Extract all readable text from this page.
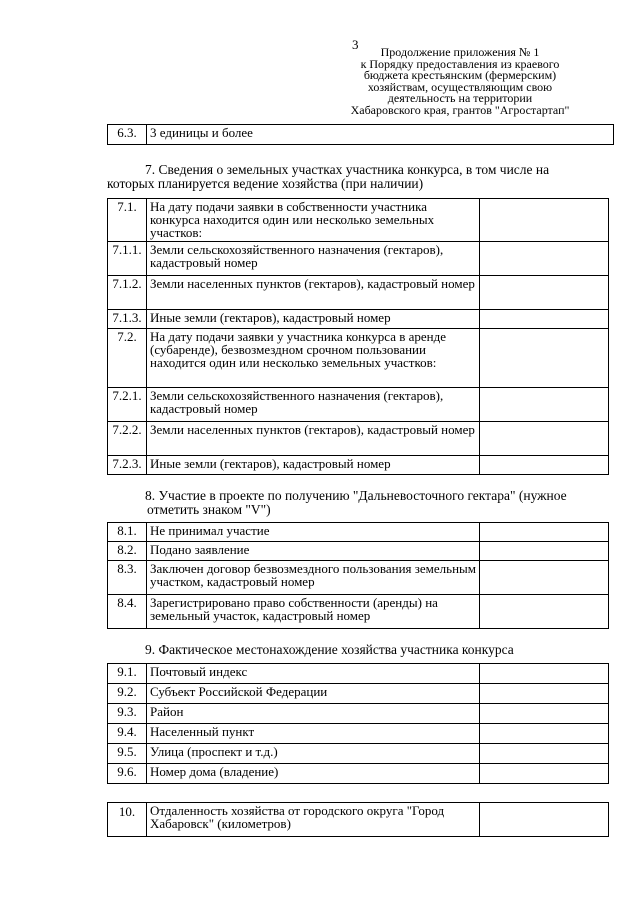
3	Продолжение приложения № 1
к Порядку предоставления из краевого
бюджета крестьянским (фермерским)
хозяйствам, осуществляющим свою
деятельность на территории
Хабаровского края, грантов "Агростартап"
6.3.	3 единицы и более
7. Сведения о земельных участках участника конкурса, в том числе на
которых планируется ведение хозяйства (при наличии)
7.1.	На дату подачи заявки в собственности участника конкурса находится один или несколько земельных участков:	
7.1.1.	Земли сельскохозяйственного назначения (гектаров), кадастровый номер	
7.1.2.	Земли населенных пунктов (гектаров), кадастровый номер	
7.1.3.	Иные земли (гектаров), кадастровый номер	
7.2.	На дату подачи заявки у участника конкурса в аренде (субаренде), безвозмездном срочном пользовании находится один или несколько земельных участков:	
7.2.1.	Земли сельскохозяйственного назначения (гектаров), кадастровый номер	
7.2.2.	Земли населенных пунктов (гектаров), кадастровый номер	
7.2.3.	Иные земли (гектаров), кадастровый номер	
8. Участие в проекте по получению "Дальневосточного гектара" (нужное
отметить знаком "V")
8.1.	Не принимал участие	
8.2.	Подано заявление	
8.3.	Заключен договор безвозмездного пользования земельным участком, кадастровый номер	
8.4.	Зарегистрировано право собственности (аренды) на земельный участок, кадастровый номер	
9. Фактическое местонахождение хозяйства участника конкурса
9.1.	Почтовый индекс	
9.2.	Субъект Российской Федерации	
9.3.	Район	
9.4.	Населенный пункт	
9.5.	Улица (проспект и т.д.)	
9.6.	Номер дома (владение)	
10.	Отдаленность хозяйства от городского округа "Город Хабаровск" (километров)	
